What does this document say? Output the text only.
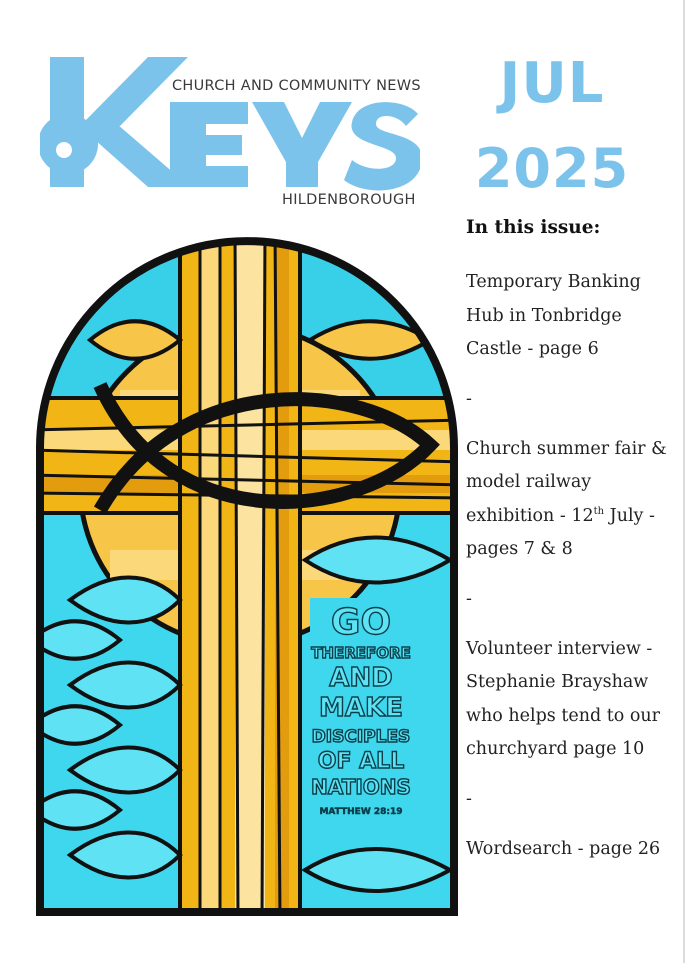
CHURCH AND COMMUNITY NEWS
HILDENBOROUGH
JUL
2025
In this issue:
Temporary Banking Hub in Tonbridge Castle - page 6
-
Church summer fair & model railway exhibition - 12th July - pages 7 & 8
-
Volunteer interview - Stephanie Brayshaw who helps tend to our churchyard page 10
-
Wordsearch - page 26
GO
THEREFORE
AND
MAKE
DISCIPLES
OF ALL
NATIONS
MATTHEW 28:19
